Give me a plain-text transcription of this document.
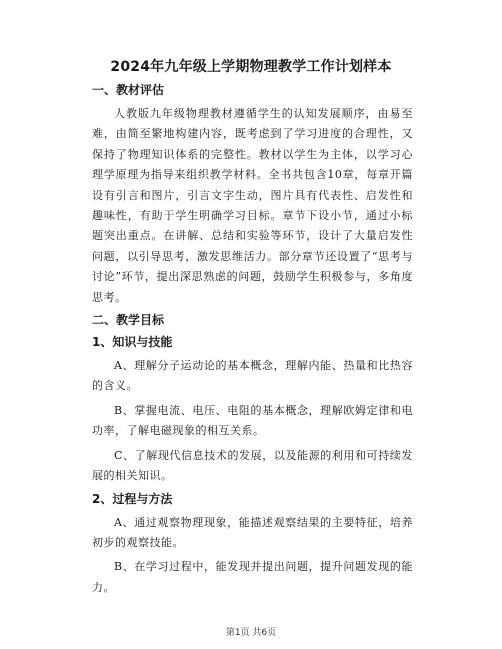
2024年九年级上学期物理教学工作计划样本
一、教材评估
人教版九年级物理教材遵循学生的认知发展顺序，由易至难，由简至繁地构建内容，既考虑到了学习进度的合理性，又保持了物理知识体系的完整性。教材以学生为主体，以学习心理学原理为指导来组织教学材料。全书共包含10章，每章开篇设有引言和图片，引言文字生动，图片具有代表性、启发性和趣味性，有助于学生明确学习目标。章节下设小节，通过小标题突出重点。在讲解、总结和实验等环节，设计了大量启发性问题，以引导思考，激发思维活力。部分章节还设置了“思考与讨论”环节，提出深思熟虑的问题，鼓励学生积极参与，多角度思考。
二、教学目标
1、知识与技能
A、理解分子运动论的基本概念，理解内能、热量和比热容的含义。
B、掌握电流、电压、电阻的基本概念，理解欧姆定律和电功率，了解电磁现象的相互关系。
C、了解现代信息技术的发展，以及能源的利用和可持续发展的相关知识。
2、过程与方法
A、通过观察物理现象，能描述观察结果的主要特征，培养初步的观察技能。
B、在学习过程中，能发现并提出问题，提升问题发现的能力。
第1页 共6页
